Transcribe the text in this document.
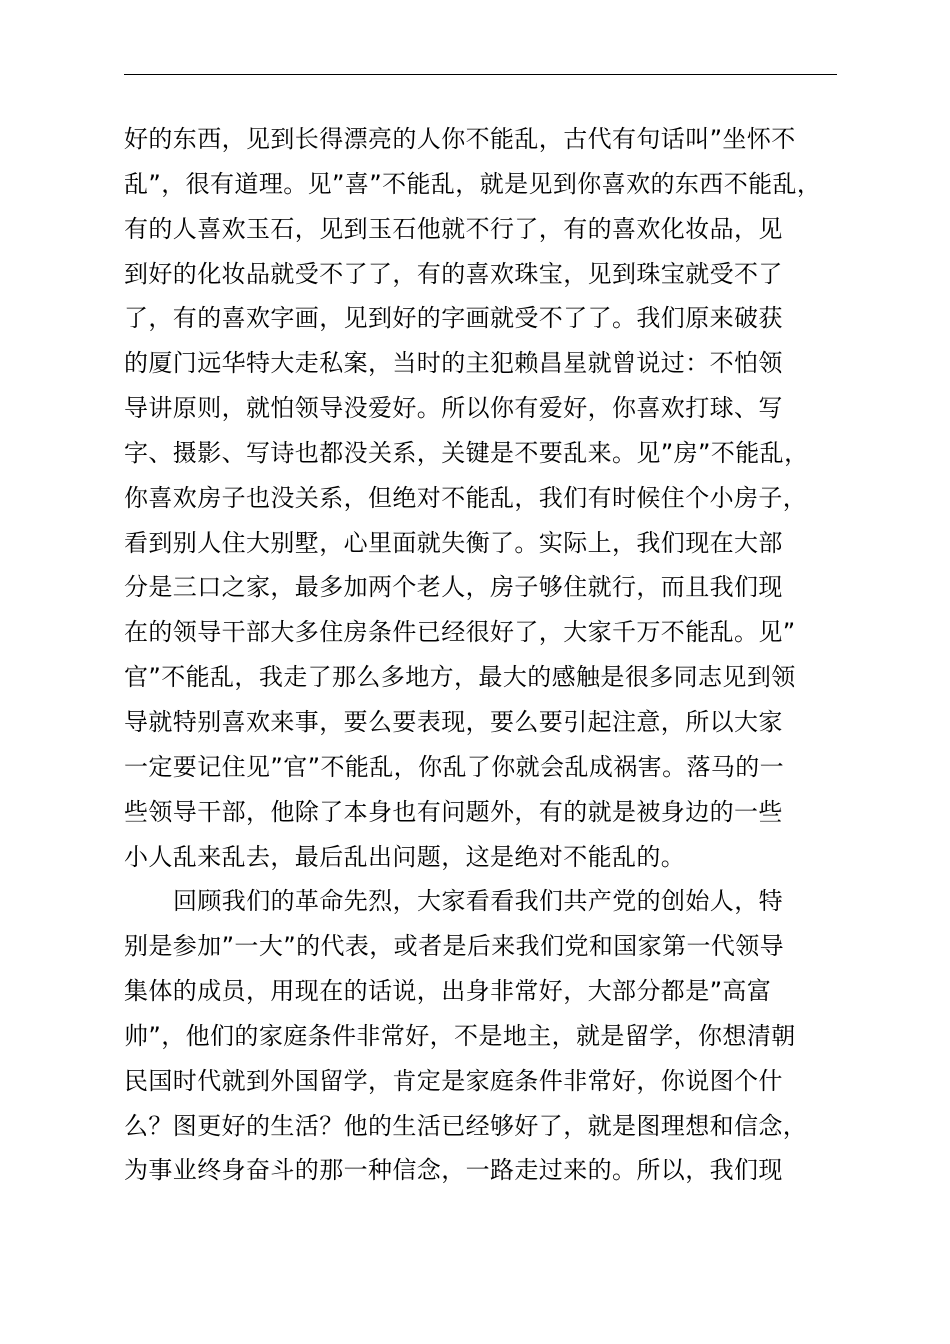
好的东西，见到长得漂亮的人你不能乱，古代有句话叫”坐怀不
乱”，很有道理。见”喜”不能乱，就是见到你喜欢的东西不能乱，
有的人喜欢玉石，见到玉石他就不行了，有的喜欢化妆品，见
到好的化妆品就受不了了，有的喜欢珠宝，见到珠宝就受不了
了，有的喜欢字画，见到好的字画就受不了了。我们原来破获
的厦门远华特大走私案，当时的主犯赖昌星就曾说过：不怕领
导讲原则，就怕领导没爱好。所以你有爱好，你喜欢打球、写
字、摄影、写诗也都没关系，关键是不要乱来。见”房”不能乱，
你喜欢房子也没关系，但绝对不能乱，我们有时候住个小房子，
看到别人住大别墅，心里面就失衡了。实际上，我们现在大部
分是三口之家，最多加两个老人，房子够住就行，而且我们现
在的领导干部大多住房条件已经很好了，大家千万不能乱。见”
官”不能乱，我走了那么多地方，最大的感触是很多同志见到领
导就特别喜欢来事，要么要表现，要么要引起注意，所以大家
一定要记住见”官”不能乱，你乱了你就会乱成祸害。落马的一
些领导干部，他除了本身也有问题外，有的就是被身边的一些
小人乱来乱去，最后乱出问题，这是绝对不能乱的。
回顾我们的革命先烈，大家看看我们共产党的创始人，特
别是参加”一大”的代表，或者是后来我们党和国家第一代领导
集体的成员，用现在的话说，出身非常好，大部分都是”高富
帅”，他们的家庭条件非常好，不是地主，就是留学，你想清朝
民国时代就到外国留学，肯定是家庭条件非常好，你说图个什
么？图更好的生活？他的生活已经够好了，就是图理想和信念，
为事业终身奋斗的那一种信念，一路走过来的。所以，我们现
